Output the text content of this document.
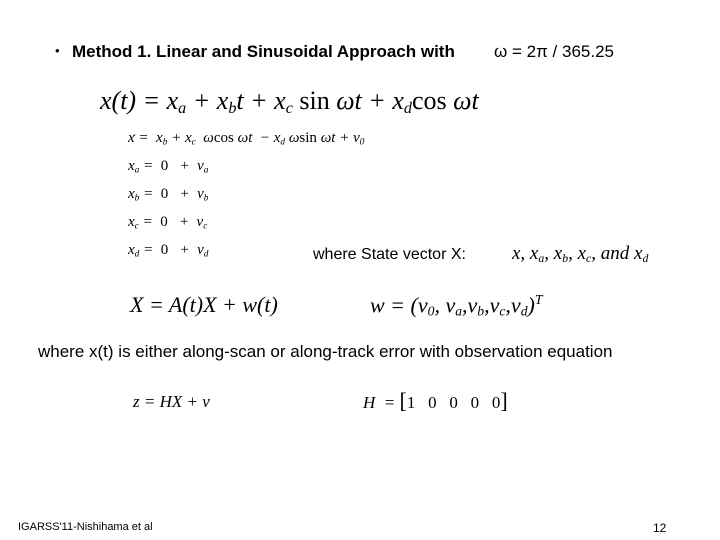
• Method 1. Linear and Sinusoidal Approach with ω = 2π / 365.25
$x(t) = x_a + x_bt + x_c$ $\sin \omega t + x_d\cos$ ωt
$x = x_b + x_c$  ωcos $\omega t - x_d$ ωsin $\omega t + \nu_0$
$x_a = 0 + \nu_a$
$x_b = 0 + \nu_b$
$x_c = 0 + \nu_c$
$x_d = 0 + \nu_d$	where State vector X: x, $x_a$, $x_b$, $x_c$, and $x_d$
X = A(t)X + w(t)	$w = (\nu_0$, $\nu_a,\nu_b,\nu_c,\nu_d)^T$
where x(t) is either along-scan or along-track error with observation equation
z = HX + ν	H  = [1   0   0   0   0]
IGARSS'11-Nishihama et al	12
